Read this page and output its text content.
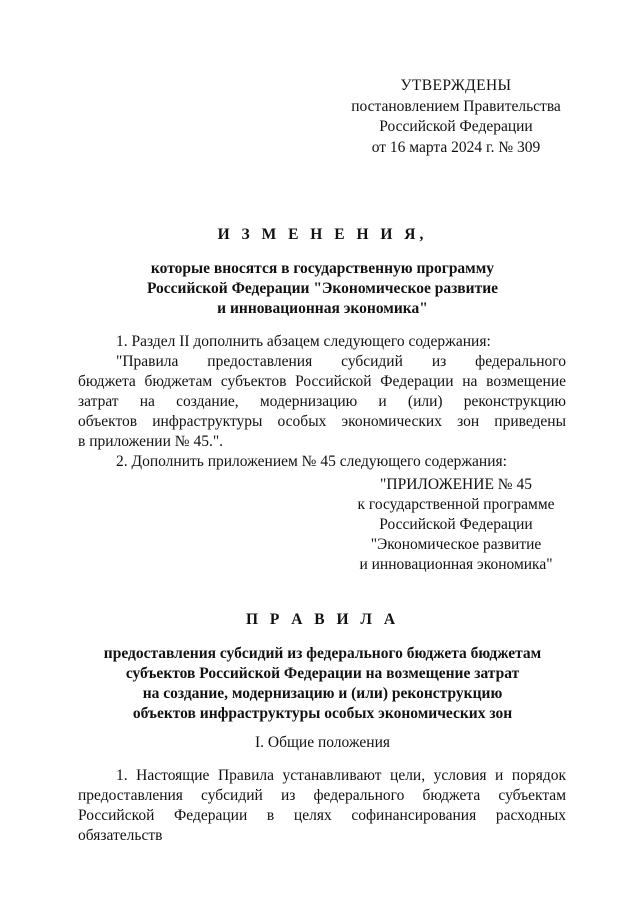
УТВЕРЖДЕНЫ
постановлением Правительства
Российской Федерации
от 16 марта 2024 г. № 309
И З М Е Н Е Н И Я,
которые вносятся в государственную программу
Российской Федерации "Экономическое развитие
и инновационная экономика"
1. Раздел II дополнить абзацем следующего содержания:
"Правила предоставления субсидий из федерального
бюджета бюджетам субъектов Российской Федерации на возмещение
затрат на создание, модернизацию и (или) реконструкцию
объектов инфраструктуры особых экономических зон приведены
в приложении № 45.".
2. Дополнить приложением № 45 следующего содержания:
"ПРИЛОЖЕНИЕ № 45
к государственной программе
Российской Федерации
"Экономическое развитие
и инновационная экономика"
П Р А В И Л А
предоставления субсидий из федерального бюджета бюджетам
субъектов Российской Федерации на возмещение затрат
на создание, модернизацию и (или) реконструкцию
объектов инфраструктуры особых экономических зон
I. Общие положения
1. Настоящие Правила устанавливают цели, условия и порядок
предоставления субсидий из федерального бюджета субъектам
Российской Федерации в целях софинансирования расходных обязательств
